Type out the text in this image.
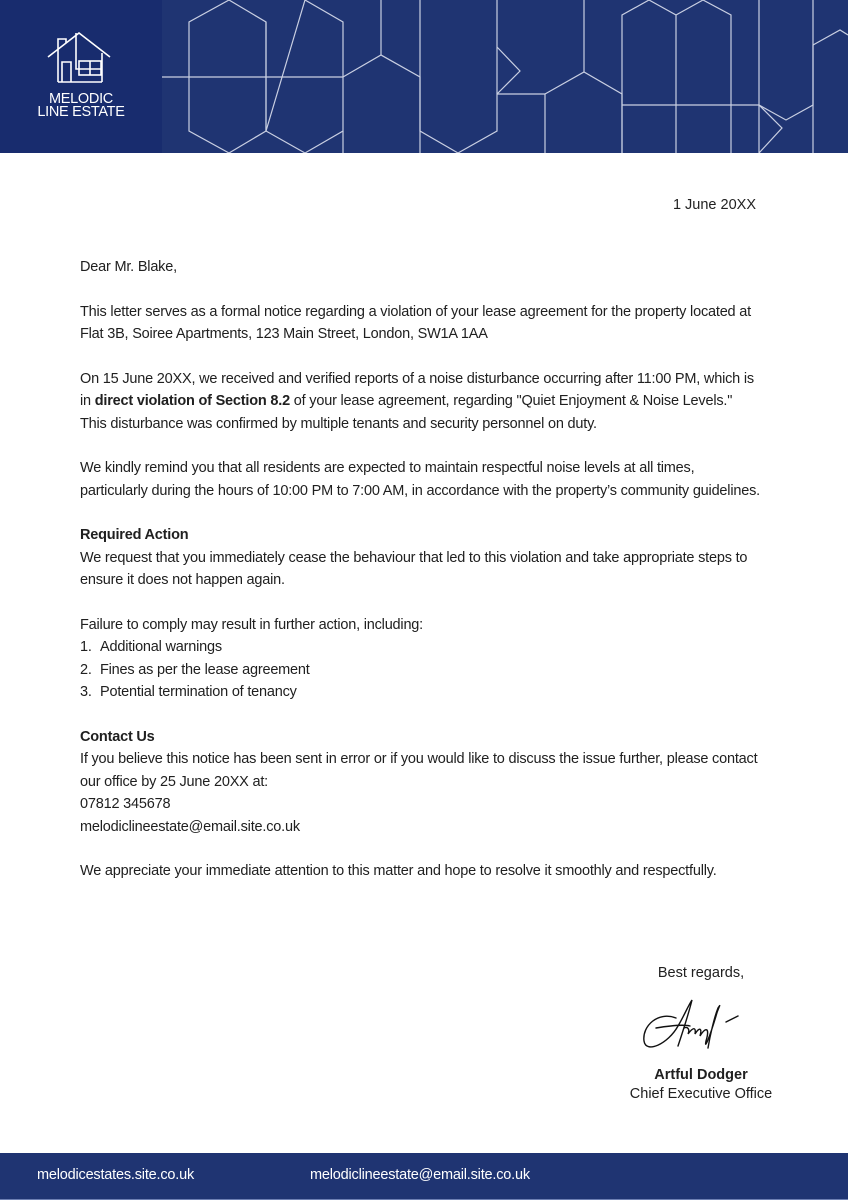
MELODIC
LINE ESTATE
1 June 20XX

Dear Mr. Blake,

This letter serves as a formal notice regarding a violation of your lease agreement for the property located at Flat 3B, Soiree Apartments, 123 Main Street, London, SW1A 1AA

On 15 June 20XX, we received and verified reports of a noise disturbance occurring after 11:00 PM, which is in direct violation of Section 8.2 of your lease agreement, regarding "Quiet Enjoyment & Noise Levels." This disturbance was confirmed by multiple tenants and security personnel on duty.

We kindly remind you that all residents are expected to maintain respectful noise levels at all times, particularly during the hours of 10:00 PM to 7:00 AM, in accordance with the property’s community guidelines.

Required Action

We request that you immediately cease the behaviour that led to this violation and take appropriate steps to ensure it does not happen again.

Failure to comply may result in further action, including:

1. Additional warnings
2. Fines as per the lease agreement
3. Potential termination of tenancy

Contact Us

If you believe this notice has been sent in error or if you would like to discuss the issue further, please contact our office by 25 June 20XX at:

07812 345678

melodiclineestate@email.site.co.uk

We appreciate your immediate attention to this matter and hope to resolve it smoothly and respectfully.

Best regards,
Artful Dodger
Chief Executive Office
melodicestates.site.co.uk	melodiclineestate@email.site.co.uk
